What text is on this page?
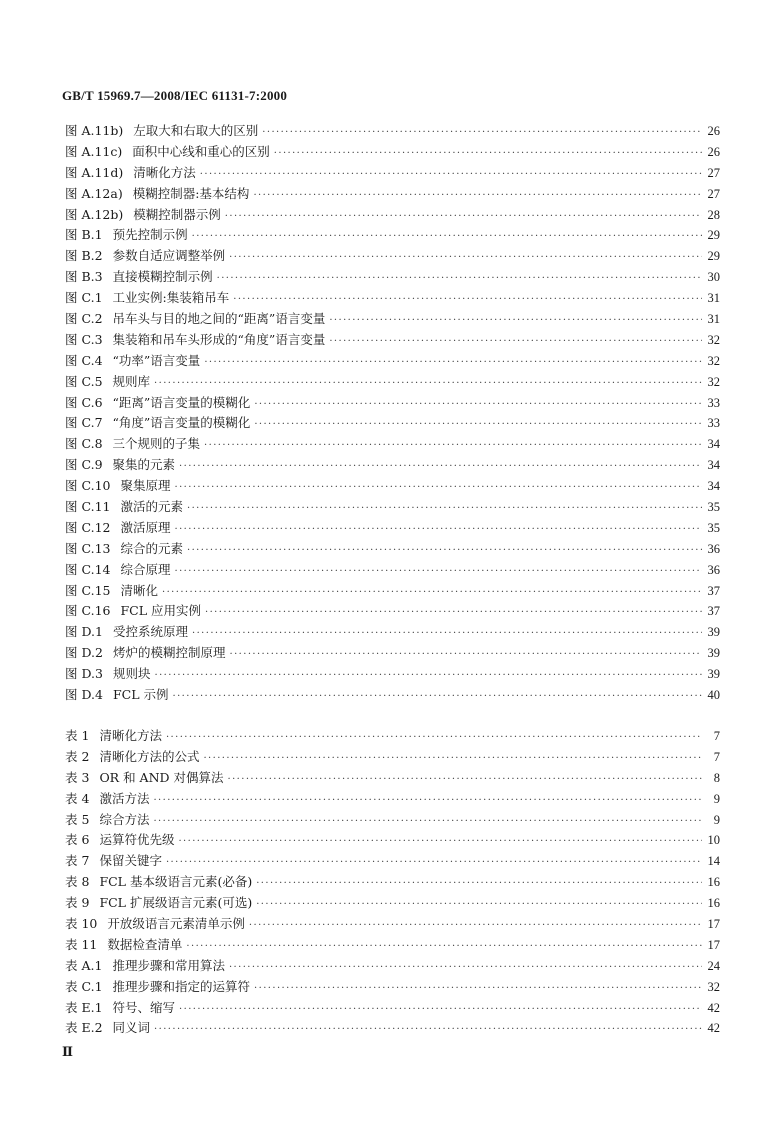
GB/T 15969.7—2008/IEC 61131-7:2000
图 A.11b) 左取大和右取大的区别 ·····	26
图 A.11c) 面积中心线和重心的区别 ·····	26
图 A.11d) 清晰化方法 ·····	27
图 A.12a) 模糊控制器:基本结构 ·····	27
图 A.12b) 模糊控制器示例 ·····	28
图 B.1 预先控制示例 ·····	29
图 B.2 参数自适应调整举例 ·····	29
图 B.3 直接模糊控制示例 ·····	30
图 C.1 工业实例:集装箱吊车 ·····	31
图 C.2 吊车头与目的地之间的“距离”语言变量 ·····	31
图 C.3 集装箱和吊车头形成的“角度”语言变量 ·····	32
图 C.4 “功率”语言变量 ·····	32
图 C.5 规则库 ·····	32
图 C.6 “距离”语言变量的模糊化 ·····	33
图 C.7 “角度”语言变量的模糊化 ·····	33
图 C.8 三个规则的子集 ·····	34
图 C.9 聚集的元素 ·····	34
图 C.10 聚集原理 ·····	34
图 C.11 激活的元素 ·····	35
图 C.12 激活原理 ·····	35
图 C.13 综合的元素 ·····	36
图 C.14 综合原理 ·····	36
图 C.15 清晰化 ·····	37
图 C.16 FCL 应用实例 ·····	37
图 D.1 受控系统原理 ·····	39
图 D.2 烤炉的模糊控制原理 ·····	39
图 D.3 规则块 ·····	39
图 D.4 FCL 示例 ·····	40
表 1 清晰化方法 ·····	7
表 2 清晰化方法的公式 ·····	7
表 3 OR 和 AND 对偶算法 ·····	8
表 4 激活方法 ·····	9
表 5 综合方法 ·····	9
表 6 运算符优先级 ·····	10
表 7 保留关键字 ·····	14
表 8 FCL 基本级语言元素(必备) ·····	16
表 9 FCL 扩展级语言元素(可选) ·····	16
表 10 开放级语言元素清单示例 ·····	17
表 11 数据检查清单 ·····	17
表 A.1 推理步骤和常用算法 ·····	24
表 C.1 推理步骤和指定的运算符 ·····	32
表 E.1 符号、缩写 ·····	42
表 E.2 同义词 ·····	42
Ⅱ
